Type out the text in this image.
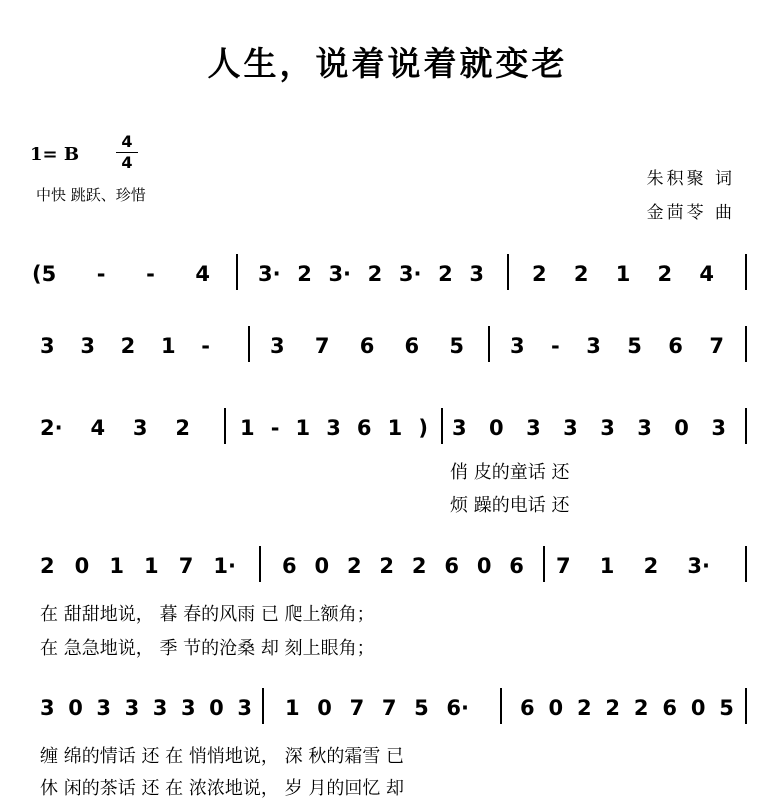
人生，说着说着就变老
1= B
4
4
中快 跳跃、珍惜
朱积聚 词
金茴苓 曲
(5 - - 4 3· 2 3· 2 3· 2 3 2 2 1 2 4
3 3 2 1 -	3 7 6 6 5 3 - 3 5 6 7
2· 4 3 2 1 - 1 3 6 1 ) 3 0 3 3 3 3 0 3
俏 皮的童话 还
烦 躁的电话 还
2 0 1 1 7 1· 6 0 2 2 2 6 0 6 7 1 2 3·
在 甜甜地说， 暮 春的风雨 已 爬上额角；
在 急急地说， 季 节的沧桑 却 刻上眼角；
3 0 3 3 3 3 0 3 1 0 7 7 5 6· 6 0 2 2 2 6 0 5
缠 绵的情话 还 在 悄悄地说， 深 秋的霜雪 已
休 闲的茶话 还 在 浓浓地说， 岁 月的回忆 却
